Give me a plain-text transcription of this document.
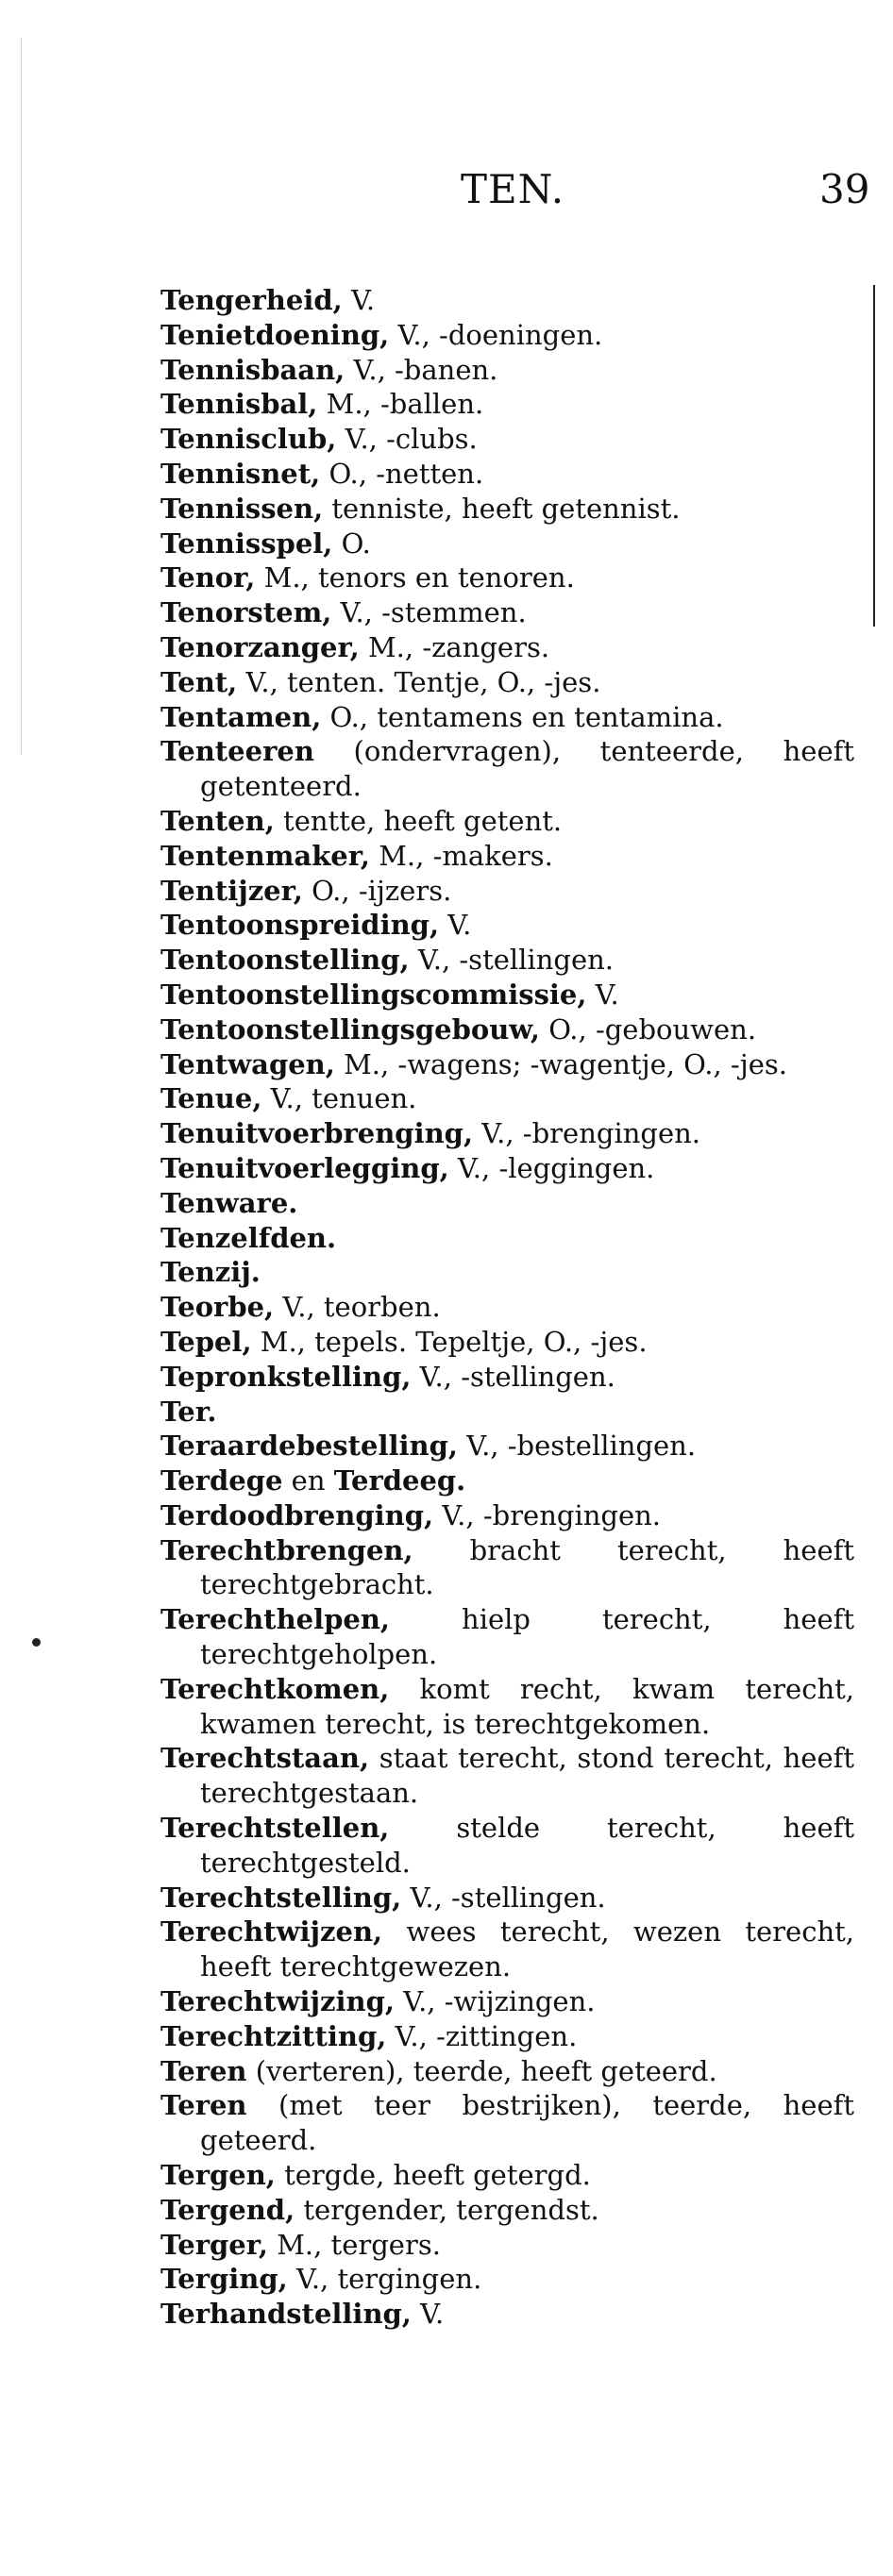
TEN.	39
Tengerheid, V.
Tenietdoening, V., -doeningen.
Tennisbaan, V., -banen.
Tennisbal, M., -ballen.
Tennisclub, V., -clubs.
Tennisnet, O., -netten.
Tennissen, tenniste, heeft getennist.
Tennisspel, O.
Tenor, M., tenors en tenoren.
Tenorstem, V., -stemmen.
Tenorzanger, M., -zangers.
Tent, V., tenten. Tentje, O., -jes.
Tentamen, O., tentamens en tentamina.
Tenteeren (ondervragen), tenteerde, heeft getenteerd.
Tenten, tentte, heeft getent.
Tentenmaker, M., -makers.
Tentijzer, O., -ijzers.
Tentoonspreiding, V.
Tentoonstelling, V., -stellingen.
Tentoonstellingscommissie, V.
Tentoonstellingsgebouw, O., -gebouwen.
Tentwagen, M., -wagens; -wagentje, O., -jes.
Tenue, V., tenuen.
Tenuitvoerbrenging, V., -brengingen.
Tenuitvoerlegging, V., -leggingen.
Tenware.
Tenzelfden.
Tenzij.
Teorbe, V., teorben.
Tepel, M., tepels. Tepeltje, O., -jes.
Tepronkstelling, V., -stellingen.
Ter.
Teraardebestelling, V., -bestellingen.
Terdege en Terdeeg.
Terdoodbrenging, V., -brengingen.
Terechtbrengen, bracht terecht, heeft terechtgebracht.
Terechthelpen, hielp terecht, heeft terechtgeholpen.
Terechtkomen, komt recht, kwam terecht, kwamen terecht, is terechtgekomen.
Terechtstaan, staat terecht, stond terecht, heeft terechtgestaan.
Terechtstellen, stelde terecht, heeft terechtgesteld.
Terechtstelling, V., -stellingen.
Terechtwijzen, wees terecht, wezen terecht, heeft terechtgewezen.
Terechtwijzing, V., -wijzingen.
Terechtzitting, V., -zittingen.
Teren (verteren), teerde, heeft geteerd.
Teren (met teer bestrijken), teerde, heeft geteerd.
Tergen, tergde, heeft getergd.
Tergend, tergender, tergendst.
Terger, M., tergers.
Terging, V., tergingen.
Terhandstelling, V.
